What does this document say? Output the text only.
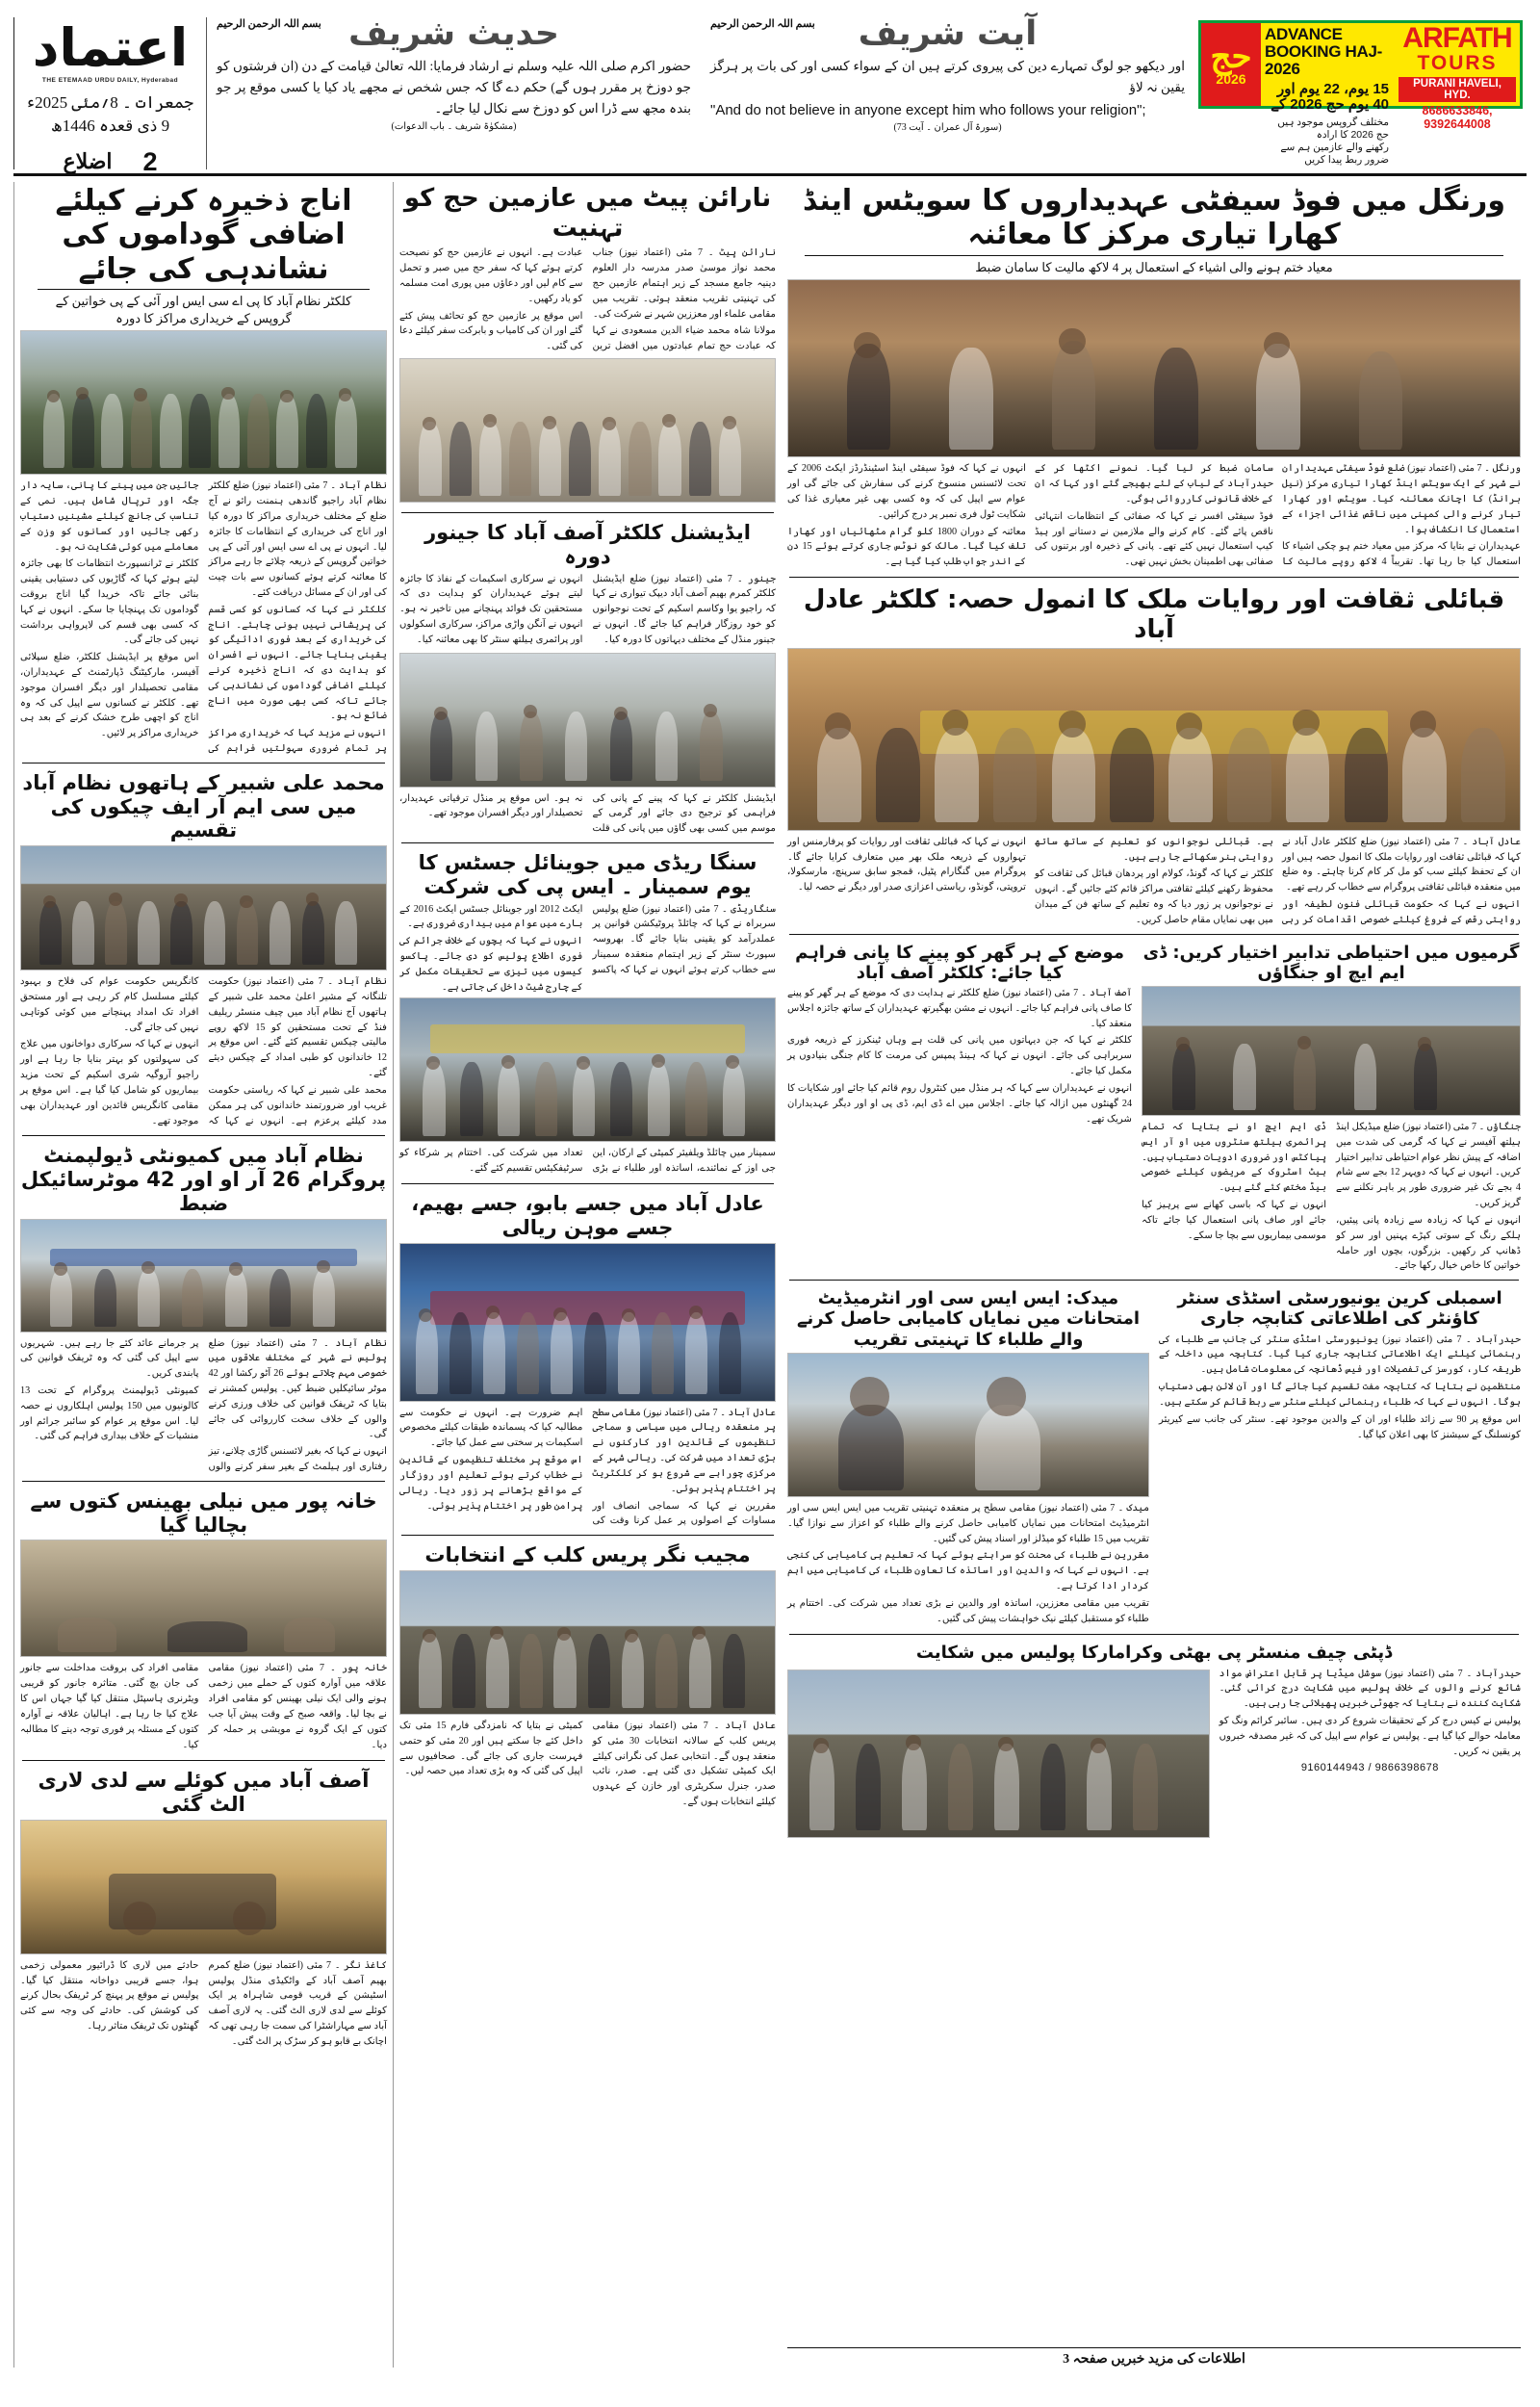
اعتماد
THE ETEMAAD URDU DAILY, Hyderabad
جمعرات ۔ 8؍مئی 2025ء
9 ذی قعدہ 1446ھ
اضلاع 2
بسم اللہ الرحمن الرحیم حدیث شریف
حضور اکرم صلی اللہ علیہ وسلم نے ارشاد فرمایا: اللہ تعالیٰ قیامت کے دن (ان فرشتوں کو جو دوزخ پر مقرر ہوں گے) حکم دے گا کہ جس شخص نے مجھے یاد کیا یا کسی موقع پر جو بندہ مجھ سے ڈرا اس کو دوزخ سے نکال لیا جائے۔
(مشکوٰۃ شریف ۔ باب الدعوات)
بسم اللہ الرحمن الرحیم	آیت شریف
اور دیکھو جو لوگ تمہارے دین کی پیروی کرتے ہیں ان کے سواء کسی اور کی بات پر ہرگز یقین نہ لاؤ
"And do not believe in anyone except him who follows your religion";
(سورۃ آل عمران ۔ آیت 73)
حج
2026
ADVANCE BOOKING HAJ-2026
15 یوم، 22 یوم اور 40 یوم حج 2026 کے
مختلف گروپس موجود ہیں حج 2026 کا ارادہ
رکھنے والے عازمین ہم سے ضرور ربط پیدا کریں
ARFATH
TOURS
PURANI HAVELI, HYD.
8686633846, 9392644008
اناج ذخیرہ کرنے کیلئے اضافی گوداموں کی نشاندہی کی جائے
کلکٹر نظام آباد کا پی اے سی ایس اور آئی کے پی خواتین کے گروپس کے خریداری مراکز کا دورہ

نظام آباد ۔ 7 مئی (اعتماد نیوز) ضلع کلکٹر نظام آباد راجیو گاندھی ہنمنت رائو نے آج ضلع کے مختلف خریداری مراکز کا دورہ کیا اور اناج کی خریداری کے انتظامات کا جائزہ لیا۔ انہوں نے پی اے سی ایس اور آئی کے پی خواتین گروپس کے ذریعہ چلائے جا رہے مراکز کا معائنہ کرتے ہوئے کسانوں سے بات چیت کی اور ان کے مسائل دریافت کئے۔

کلکٹر نے کہا کہ کسانوں کو کسی قسم کی پریشانی نہیں ہونی چاہئے۔ اناج کی خریداری کے بعد فوری ادائیگی کو یقینی بنایا جائے۔ انہوں نے افسران کو ہدایت دی کہ اناج ذخیرہ کرنے کیلئے اضافی گوداموں کی نشاندہی کی جائے تاکہ کسی بھی صورت میں اناج ضائع نہ ہو۔

انہوں نے مزید کہا کہ خریداری مراکز پر تمام ضروری سہولتیں فراہم کی جائیں جن میں پینے کا پانی، سایہ دار جگہ اور ترپال شامل ہیں۔ نمی کے تناسب کی جانچ کیلئے مشینیں دستیاب رکھی جائیں اور کسانوں کو وزن کے معاملے میں کوئی شکایت نہ ہو۔

کلکٹر نے ٹرانسپورٹ انتظامات کا بھی جائزہ لیتے ہوئے کہا کہ گاڑیوں کی دستیابی یقینی بنائی جائے تاکہ خریدا گیا اناج بروقت گوداموں تک پہنچایا جا سکے۔ انہوں نے کہا کہ کسی بھی قسم کی لاپرواہی برداشت نہیں کی جائے گی۔

اس موقع پر ایڈیشنل کلکٹر، ضلع سپلائی آفیسر، مارکیٹنگ ڈپارٹمنٹ کے عہدیداران، مقامی تحصیلدار اور دیگر افسران موجود تھے۔ کلکٹر نے کسانوں سے اپیل کی کہ وہ اناج کو اچھی طرح خشک کرنے کے بعد ہی خریداری مراکز پر لائیں۔

محمد علی شبیر کے ہاتھوں نظام آباد میں سی ایم آر ایف چیکوں کی تقسیم

نظام آباد ۔ 7 مئی (اعتماد نیوز) حکومت تلنگانہ کے مشیر اعلیٰ محمد علی شبیر کے ہاتھوں آج نظام آباد میں چیف منسٹر ریلیف فنڈ کے تحت مستحقین کو 15 لاکھ روپے مالیتی چیکس تقسیم کئے گئے۔ اس موقع پر 12 خاندانوں کو طبی امداد کے چیکس دیئے گئے۔

محمد علی شبیر نے کہا کہ ریاستی حکومت غریب اور ضرورتمند خاندانوں کی ہر ممکن مدد کیلئے پرعزم ہے۔ انہوں نے کہا کہ کانگریس حکومت عوام کی فلاح و بہبود کیلئے مسلسل کام کر رہی ہے اور مستحق افراد تک امداد پہنچانے میں کوئی کوتاہی نہیں کی جائے گی۔

انہوں نے کہا کہ سرکاری دواخانوں میں علاج کی سہولتوں کو بہتر بنایا جا رہا ہے اور راجیو آروگیہ شری اسکیم کے تحت مزید بیماریوں کو شامل کیا گیا ہے۔ اس موقع پر مقامی کانگریس قائدین اور عہدیداران بھی موجود تھے۔

نظام آباد میں کمیونٹی ڈیولپمنٹ پروگرام 26 آر او اور 42 موٹرسائیکل ضبط

نظام آباد ۔ 7 مئی (اعتماد نیوز) ضلع پولیس نے شہر کے مختلف علاقوں میں خصوصی مہم چلاتے ہوئے 26 آٹو رکشا اور 42 موٹر سائیکلیں ضبط کیں۔ پولیس کمشنر نے بتایا کہ ٹریفک قوانین کی خلاف ورزی کرنے والوں کے خلاف سخت کارروائی کی جائے گی۔

انہوں نے کہا کہ بغیر لائسنس گاڑی چلانے، تیز رفتاری اور ہیلمٹ کے بغیر سفر کرنے والوں پر جرمانے عائد کئے جا رہے ہیں۔ شہریوں سے اپیل کی گئی کہ وہ ٹریفک قوانین کی پابندی کریں۔

کمیونٹی ڈیولپمنٹ پروگرام کے تحت 13 کالونیوں میں 150 پولیس اہلکاروں نے حصہ لیا۔ اس موقع پر عوام کو سائبر جرائم اور منشیات کے خلاف بیداری فراہم کی گئی۔

خانہ پور میں نیلی بھینس کتوں سے بچالیا گیا

خانہ پور ۔ 7 مئی (اعتماد نیوز) مقامی علاقہ میں آوارہ کتوں کے حملے میں زخمی ہونے والی ایک نیلی بھینس کو مقامی افراد نے بچا لیا۔ واقعہ صبح کے وقت پیش آیا جب کتوں کے ایک گروہ نے مویشی پر حملہ کر دیا۔

مقامی افراد کی بروقت مداخلت سے جانور کی جان بچ گئی۔ متاثرہ جانور کو قریبی ویٹرنری ہاسپٹل منتقل کیا گیا جہاں اس کا علاج کیا جا رہا ہے۔ اہالیان علاقہ نے آوارہ کتوں کے مسئلہ پر فوری توجہ دینے کا مطالبہ کیا۔

آصف آباد میں کوئلے سے لدی لاری الٹ گئی

کاغذ نگر ۔ 7 مئی (اعتماد نیوز) ضلع کمرم بھیم آصف آباد کے واٹکیڈی منڈل پولیس اسٹیشن کے قریب قومی شاہراہ پر ایک کوئلے سے لدی لاری الٹ گئی۔ یہ لاری آصف آباد سے مہاراشٹرا کی سمت جا رہی تھی کہ اچانک بے قابو ہو کر سڑک پر الٹ گئی۔

حادثے میں لاری کا ڈرائیور معمولی زخمی ہوا، جسے قریبی دواخانہ منتقل کیا گیا۔ پولیس نے موقع پر پہنچ کر ٹریفک بحال کرنے کی کوشش کی۔ حادثے کی وجہ سے کئی گھنٹوں تک ٹریفک متاثر رہا۔

نارائن پیٹ میں عازمین حج کو تہنیت

نارائن پیٹ ۔ 7 مئی (اعتماد نیوز) جناب محمد نواز موسیٰ صدر مدرسہ دار العلوم دینیہ جامع مسجد کے زیر اہتمام عازمین حج کی تہنیتی تقریب منعقد ہوئی۔ تقریب میں مقامی علماء اور معززین شہر نے شرکت کی۔

مولانا شاہ محمد ضیاء الدین مسعودی نے کہا کہ عبادت حج تمام عبادتوں میں افضل ترین عبادت ہے۔ انہوں نے عازمین حج کو نصیحت کرتے ہوئے کہا کہ سفر حج میں صبر و تحمل سے کام لیں اور دعاؤں میں پوری امت مسلمہ کو یاد رکھیں۔

اس موقع پر عازمین حج کو تحائف پیش کئے گئے اور ان کی کامیاب و بابرکت سفر کیلئے دعا کی گئی۔

ایڈیشنل کلکٹر آصف آباد کا جینور دورہ

جینور ۔ 7 مئی (اعتماد نیوز) ضلع ایڈیشنل کلکٹر کمرم بھیم آصف آباد دیپک تیواری نے کہا کہ راجیو یوا وکاسم اسکیم کے تحت نوجوانوں کو خود روزگار فراہم کیا جائے گا۔ انہوں نے جینور منڈل کے مختلف دیہاتوں کا دورہ کیا۔

انہوں نے سرکاری اسکیمات کے نفاذ کا جائزہ لیتے ہوئے عہدیداران کو ہدایت دی کہ مستحقین تک فوائد پہنچانے میں تاخیر نہ ہو۔ انہوں نے آنگن واڑی مراکز، سرکاری اسکولوں اور پرائمری ہیلتھ سنٹر کا بھی معائنہ کیا۔

ایڈیشنل کلکٹر نے کہا کہ پینے کے پانی کی فراہمی کو ترجیح دی جائے اور گرمی کے موسم میں کسی بھی گاؤں میں پانی کی قلت نہ ہو۔ اس موقع پر منڈل ترقیاتی عہدیدار، تحصیلدار اور دیگر افسران موجود تھے۔

سنگا ریڈی میں جوینائل جسٹس کا یوم سمینار ۔ ایس پی کی شرکت

سنگاریڈی ۔ 7 مئی (اعتماد نیوز) ضلع پولیس سربراہ نے کہا کہ چائلڈ پروٹیکشن قوانین پر عملدرآمد کو یقینی بنایا جائے گا۔ بھروسہ سپورٹ سنٹر کے زیر اہتمام منعقدہ سمینار سے خطاب کرتے ہوئے انہوں نے کہا کہ پاکسو ایکٹ 2012 اور جوینائل جسٹس ایکٹ 2016 کے بارے میں عوام میں بیداری ضروری ہے۔

انہوں نے کہا کہ بچوں کے خلاف جرائم کی فوری اطلاع پولیس کو دی جائے۔ پاکسو کیسوں میں تیزی سے تحقیقات مکمل کر کے چارج شیٹ داخل کی جاتی ہے۔

سمینار میں چائلڈ ویلفیئر کمیٹی کے ارکان، این جی اوز کے نمائندے، اساتذہ اور طلباء نے بڑی تعداد میں شرکت کی۔ اختتام پر شرکاء کو سرٹیفکیٹس تقسیم کئے گئے۔

عادل آباد میں جسے بابو، جسے بھیم، جسے موہن ریالی

عادل آباد ۔ 7 مئی (اعتماد نیوز) مقامی سطح پر منعقدہ ریالی میں سیاسی و سماجی تنظیموں کے قائدین اور کارکنوں نے بڑی تعداد میں شرکت کی۔ ریالی شہر کے مرکزی چوراہے سے شروع ہو کر کلکٹریٹ پر اختتام پذیر ہوئی۔

مقررین نے کہا کہ سماجی انصاف اور مساوات کے اصولوں پر عمل کرنا وقت کی اہم ضرورت ہے۔ انہوں نے حکومت سے مطالبہ کیا کہ پسماندہ طبقات کیلئے مخصوص اسکیمات پر سختی سے عمل کیا جائے۔

اس موقع پر مختلف تنظیموں کے قائدین نے خطاب کرتے ہوئے تعلیم اور روزگار کے مواقع بڑھانے پر زور دیا۔ ریالی پرامن طور پر اختتام پذیر ہوئی۔

مجیب نگر پریس کلب کے انتخابات

عادل آباد ۔ 7 مئی (اعتماد نیوز) مقامی پریس کلب کے سالانہ انتخابات 30 مئی کو منعقد ہوں گے۔ انتخابی عمل کی نگرانی کیلئے ایک کمیٹی تشکیل دی گئی ہے۔ صدر، نائب صدر، جنرل سکریٹری اور خازن کے عہدوں کیلئے انتخابات ہوں گے۔

کمیٹی نے بتایا کہ نامزدگی فارم 15 مئی تک داخل کئے جا سکتے ہیں اور 20 مئی کو حتمی فہرست جاری کی جائے گی۔ صحافیوں سے اپیل کی گئی کہ وہ بڑی تعداد میں حصہ لیں۔

ورنگل میں فوڈ سیفٹی عہدیداروں کا سویٹس اینڈ کھارا تیاری مرکز کا معائنہ
معیاد ختم ہونے والی اشیاء کے استعمال پر 4 لاکھ مالیت کا سامان ضبط

ورنگل ۔ 7 مئی (اعتماد نیوز) ضلع فوڈ سیفٹی عہدیداران نے شہر کے ایک سویٹس اینڈ کھارا تیاری مرکز (نیل برانڈ) کا اچانک معائنہ کیا۔ سویٹس اور کھارا تیار کرنے والی کمپنی میں ناقص غذائی اجزاء کے استعمال کا انکشاف ہوا۔

عہدیداران نے بتایا کہ مرکز میں معیاد ختم ہو چکی اشیاء کا استعمال کیا جا رہا تھا۔ تقریباً 4 لاکھ روپے مالیت کا سامان ضبط کر لیا گیا۔ نمونے اکٹھا کر کے حیدرآباد کے لیاب کے لئے بھیجے گئے اور کہا کہ ان کے خلاف قانونی کارروائی ہوگی۔

فوڈ سیفٹی افسر نے کہا کہ صفائی کے انتظامات انتہائی ناقص پائے گئے۔ کام کرنے والے ملازمین نے دستانے اور ہیڈ کیپ استعمال نہیں کئے تھے۔ پانی کے ذخیرہ اور برتنوں کی صفائی بھی اطمینان بخش نہیں تھی۔

انہوں نے کہا کہ فوڈ سیفٹی اینڈ اسٹینڈرڈز ایکٹ 2006 کے تحت لائسنس منسوخ کرنے کی سفارش کی جائے گی اور عوام سے اپیل کی کہ وہ کسی بھی غیر معیاری غذا کی شکایت ٹول فری نمبر پر درج کرائیں۔

معائنہ کے دوران 1800 کلو گرام مٹھائیاں اور کھارا تلف کیا گیا۔ مالک کو نوٹس جاری کرتے ہوئے 15 دن کے اندر جواب طلب کیا گیا ہے۔

قبائلی ثقافت اور روایات ملک کا انمول حصہ: کلکٹر عادل آباد

عادل آباد ۔ 7 مئی (اعتماد نیوز) ضلع کلکٹر عادل آباد نے کہا کہ قبائلی ثقافت اور روایات ملک کا انمول حصہ ہیں اور ان کے تحفظ کیلئے سب کو مل کر کام کرنا چاہئے۔ وہ ضلع میں منعقدہ قبائلی ثقافتی پروگرام سے خطاب کر رہے تھے۔

انہوں نے کہا کہ حکومت قبائلی فنون لطیفہ اور روایتی رقص کے فروغ کیلئے خصوصی اقدامات کر رہی ہے۔ قبائلی نوجوانوں کو تعلیم کے ساتھ ساتھ روایتی ہنر سکھائے جا رہے ہیں۔

کلکٹر نے کہا کہ گونڈ، کولام اور پردھان قبائل کی ثقافت کو محفوظ رکھنے کیلئے ثقافتی مراکز قائم کئے جائیں گے۔ انہوں نے نوجوانوں پر زور دیا کہ وہ تعلیم کے ساتھ فن کے میدان میں بھی نمایاں مقام حاصل کریں۔

انہوں نے کہا کہ قبائلی ثقافت اور روایات کو پرفارمنس اور تہواروں کے ذریعہ ملک بھر میں متعارف کرایا جائے گا۔ پروگرام میں گنگارام پٹیل، قمجو سابق سرپنچ، مارسکولا، تروپتی، گونڈو، ریاستی اعزازی صدر اور دیگر نے حصہ لیا۔

موضع کے ہر گھر کو پینے کا پانی فراہم کیا جائے: کلکٹر آصف آباد

آصف آباد ۔ 7 مئی (اعتماد نیوز) ضلع کلکٹر نے ہدایت دی کہ موضع کے ہر گھر کو پینے کا صاف پانی فراہم کیا جائے۔ انہوں نے مشن بھگیرتھ عہدیداران کے ساتھ جائزہ اجلاس منعقد کیا۔

کلکٹر نے کہا کہ جن دیہاتوں میں پانی کی قلت ہے وہاں ٹینکرز کے ذریعہ فوری سربراہی کی جائے۔ انہوں نے کہا کہ ہینڈ پمپس کی مرمت کا کام جنگی بنیادوں پر مکمل کیا جائے۔

انہوں نے عہدیداران سے کہا کہ ہر منڈل میں کنٹرول روم قائم کیا جائے اور شکایات کا 24 گھنٹوں میں ازالہ کیا جائے۔ اجلاس میں اے ڈی ایم، ڈی پی او اور دیگر عہدیداران شریک تھے۔

گرمیوں میں احتیاطی تدابیر اختیار کریں: ڈی ایم ایچ او جنگاؤں

جنگاؤں ۔ 7 مئی (اعتماد نیوز) ضلع میڈیکل اینڈ ہیلتھ آفیسر نے کہا کہ گرمی کی شدت میں اضافہ کے پیش نظر عوام احتیاطی تدابیر اختیار کریں۔ انہوں نے کہا کہ دوپہر 12 بجے سے شام 4 بجے تک غیر ضروری طور پر باہر نکلنے سے گریز کریں۔

انہوں نے کہا کہ زیادہ سے زیادہ پانی پیئیں، ہلکے رنگ کے سوتی کپڑے پہنیں اور سر کو ڈھانپ کر رکھیں۔ بزرگوں، بچوں اور حاملہ خواتین کا خاص خیال رکھا جائے۔

ڈی ایم ایچ او نے بتایا کہ تمام پرائمری ہیلتھ سنٹروں میں او آر ایس پیاکٹس اور ضروری ادویات دستیاب ہیں۔ ہیٹ اسٹروک کے مریضوں کیلئے خصوصی بیڈ مختص کئے گئے ہیں۔

انہوں نے کہا کہ باسی کھانے سے پرہیز کیا جائے اور صاف پانی استعمال کیا جائے تاکہ موسمی بیماریوں سے بچا جا سکے۔

میدک: ایس ایس سی اور انٹرمیڈیٹ امتحانات میں نمایاں کامیابی حاصل کرنے والے طلباء کا تہنیتی تقریب

میدک ۔ 7 مئی (اعتماد نیوز) مقامی سطح پر منعقدہ تہنیتی تقریب میں ایس ایس سی اور انٹرمیڈیٹ امتحانات میں نمایاں کامیابی حاصل کرنے والے طلباء کو اعزاز سے نوازا گیا۔ تقریب میں 15 طلباء کو میڈلز اور اسناد پیش کی گئیں۔

مقررین نے طلباء کی محنت کو سراہتے ہوئے کہا کہ تعلیم ہی کامیابی کی کنجی ہے۔ انہوں نے کہا کہ والدین اور اساتذہ کا تعاون طلباء کی کامیابی میں اہم کردار ادا کرتا ہے۔

تقریب میں مقامی معززین، اساتذہ اور والدین نے بڑی تعداد میں شرکت کی۔ اختتام پر طلباء کو مستقبل کیلئے نیک خواہشات پیش کی گئیں۔

اسمبلی کرین یونیورسٹی اسٹڈی سنٹر کاؤنٹر کی اطلاعاتی کتابچہ جاری

حیدرآباد ۔ 7 مئی (اعتماد نیوز) یونیورسٹی اسٹڈی سنٹر کی جانب سے طلباء کی رہنمائی کیلئے ایک اطلاعاتی کتابچہ جاری کیا گیا۔ کتابچہ میں داخلہ کے طریقہ کار، کورسز کی تفصیلات اور فیس ڈھانچہ کی معلومات شامل ہیں۔

منتظمین نے بتایا کہ کتابچہ مفت تقسیم کیا جائے گا اور آن لائن بھی دستیاب ہوگا۔ انہوں نے کہا کہ طلباء رہنمائی کیلئے سنٹر سے ربط قائم کر سکتے ہیں۔

اس موقع پر 90 سے زائد طلباء اور ان کے والدین موجود تھے۔ سنٹر کی جانب سے کیریئر کونسلنگ کے سیشنز کا بھی اعلان کیا گیا۔

ڈپٹی چیف منسٹر پی بھٹی وکرامارکا پولیس میں شکایت

حیدرآباد ۔ 7 مئی (اعتماد نیوز) سوشل میڈیا پر قابل اعتراض مواد شائع کرنے والوں کے خلاف پولیس میں شکایت درج کرائی گئی۔ شکایت کنندہ نے بتایا کہ جھوٹی خبریں پھیلائی جا رہی ہیں۔

پولیس نے کیس درج کر کے تحقیقات شروع کر دی ہیں۔ سائبر کرائم ونگ کو معاملہ حوالے کیا گیا ہے۔ پولیس نے عوام سے اپیل کی کہ غیر مصدقہ خبروں پر یقین نہ کریں۔

9160144943 / 9866398678
اطلاعات کی مزید خبریں صفحہ 3
